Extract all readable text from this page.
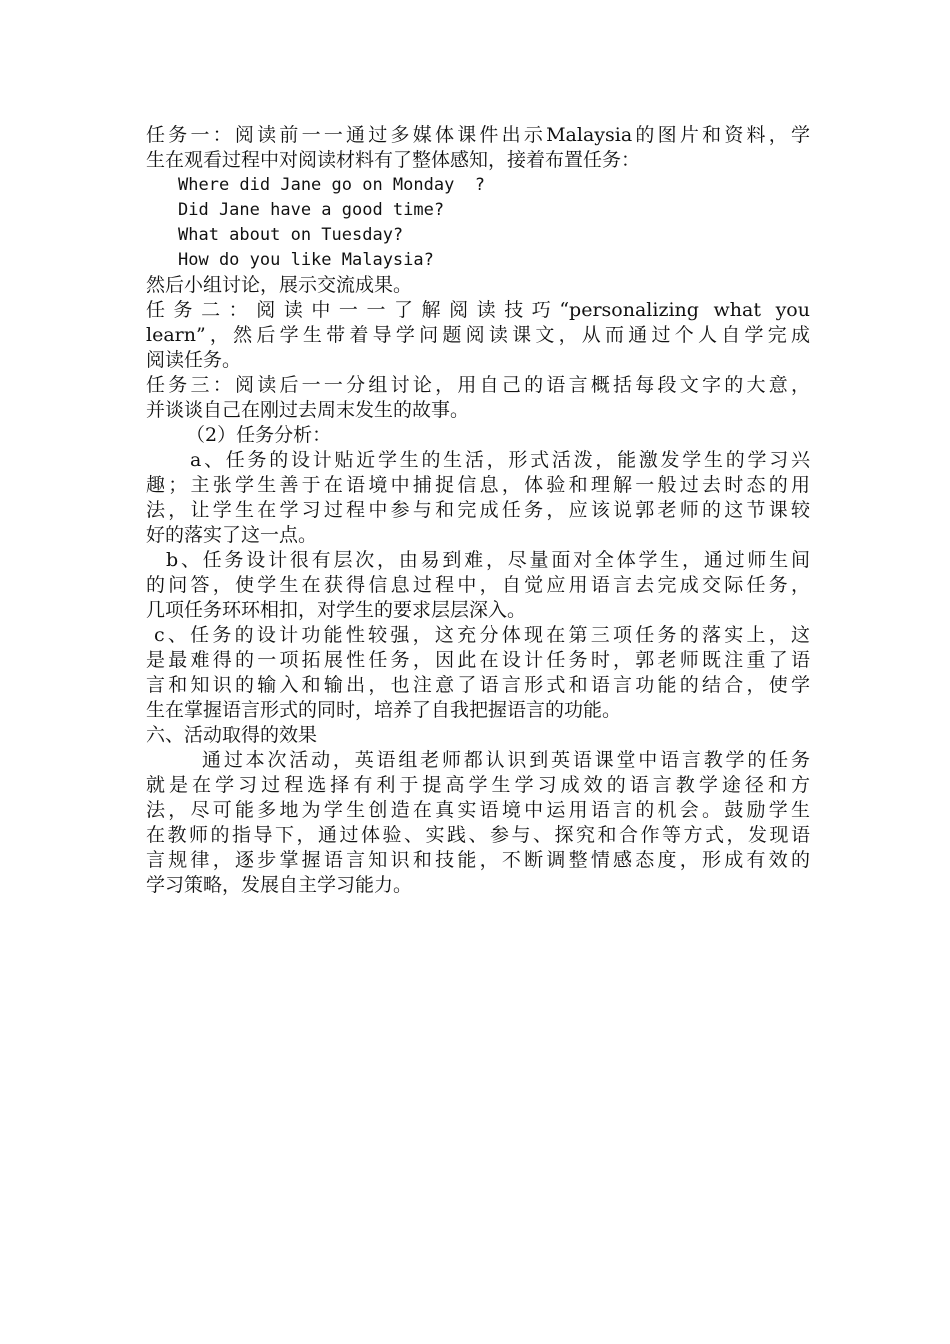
任务一：阅读前一一通过多媒体课件出示Malaysia的图片和资料，学
生在观看过程中对阅读材料有了整体感知，接着布置任务：
Where did Jane go on Monday  ?
Did Jane have a good time?
What about on Tuesday?
How do you like Malaysia?
然后小组讨论，展示交流成果。
任务二：阅读中一一了解阅读技巧“personalizing what you
learn”，然后学生带着导学问题阅读课文，从而通过个人自学完成
阅读任务。
任务三：阅读后一一分组讨论，用自己的语言概括每段文字的大意，
并谈谈自己在刚过去周末发生的故事。
（2）任务分析：
a、任务的设计贴近学生的生活，形式活泼，能激发学生的学习兴
趣；主张学生善于在语境中捕捉信息，体验和理解一般过去时态的用
法，让学生在学习过程中参与和完成任务，应该说郭老师的这节课较
好的落实了这一点。
b、任务设计很有层次，由易到难，尽量面对全体学生，通过师生间
的问答，使学生在获得信息过程中，自觉应用语言去完成交际任务，
几项任务环环相扣，对学生的要求层层深入。
c、任务的设计功能性较强，这充分体现在第三项任务的落实上，这
是最难得的一项拓展性任务，因此在设计任务时，郭老师既注重了语
言和知识的输入和输出，也注意了语言形式和语言功能的结合，使学
生在掌握语言形式的同时，培养了自我把握语言的功能。
六、活动取得的效果
通过本次活动，英语组老师都认识到英语课堂中语言教学的任务
就是在学习过程选择有利于提高学生学习成效的语言教学途径和方
法，尽可能多地为学生创造在真实语境中运用语言的机会。鼓励学生
在教师的指导下，通过体验、实践、参与、探究和合作等方式，发现语
言规律，逐步掌握语言知识和技能，不断调整情感态度，形成有效的
学习策略，发展自主学习能力。
